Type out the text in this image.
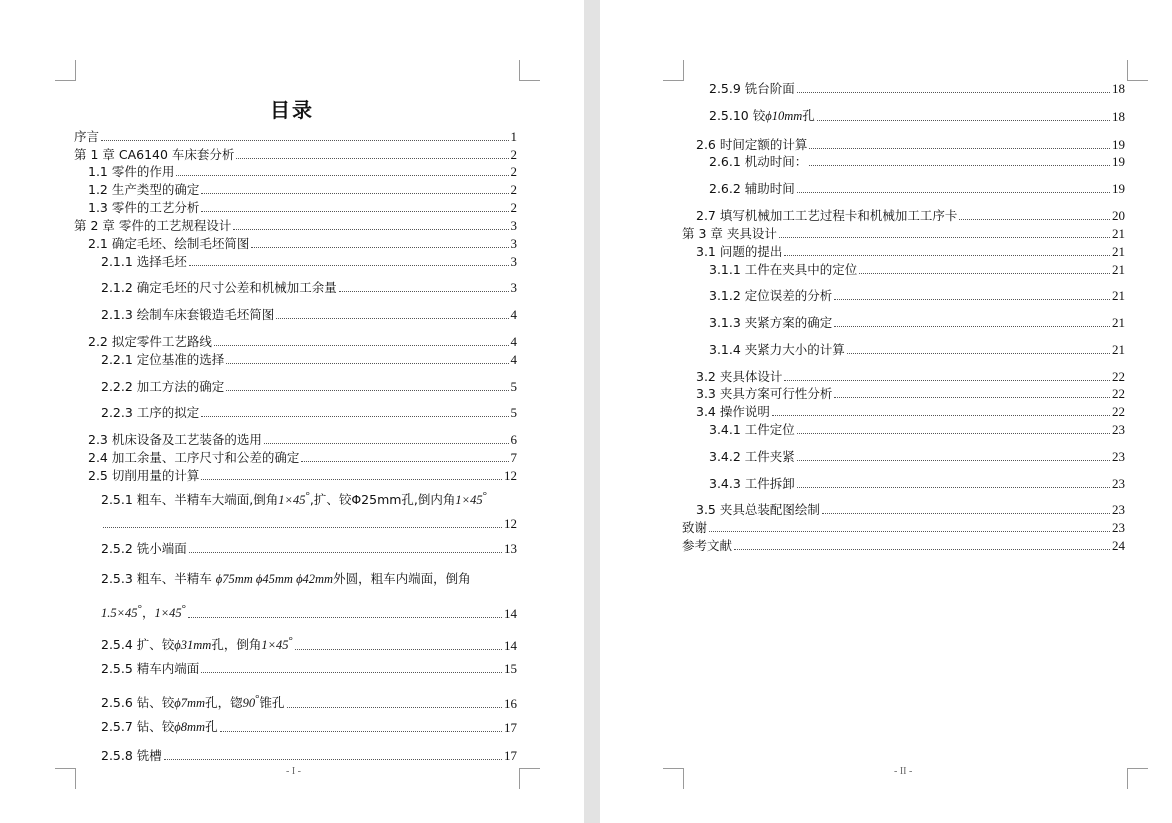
目录
序言	1
第 1 章 CA6140 车床套分析	2
1.1 零件的作用	2
1.2 生产类型的确定	2
1.3 零件的工艺分析	2
第 2 章 零件的工艺规程设计	3
2.1 确定毛坯、绘制毛坯简图	3
2.1.1 选择毛坯	3
2.1.2 确定毛坯的尺寸公差和机械加工余量	3
2.1.3 绘制车床套锻造毛坯简图	4
2.2 拟定零件工艺路线	4
2.2.1 定位基准的选择	4
2.2.2 加工方法的确定	5
2.2.3 工序的拟定	5
2.3 机床设备及工艺装备的选用	6
2.4 加工余量、工序尺寸和公差的确定	7
2.5 切削用量的计算	12
2.5.1 粗车、半精车大端面,倒角1×45°,扩、铰Φ25mm孔,倒内角1×45°
12
2.5.2 铣小端面	13
2.5.3 粗车、半精车 ϕ75mm ϕ45mm ϕ42mm外圆，粗车内端面，倒角
1.5×45°，1×45°	14
2.5.4 扩、铰ϕ31mm孔，倒角1×45°	14
2.5.5 精车内端面	15
2.5.6 钻、铰ϕ7mm孔，锪90°锥孔	16
2.5.7 钻、铰ϕ8mm孔	17
2.5.8 铣槽	17
- I -
2.5.9 铣台阶面	18
2.5.10 铰ϕ10mm孔	18
2.6 时间定额的计算	19
2.6.1 机动时间：	19
2.6.2 辅助时间	19
2.7 填写机械加工工艺过程卡和机械加工工序卡	20
第 3 章 夹具设计	21
3.1 问题的提出	21
3.1.1 工件在夹具中的定位	21
3.1.2 定位误差的分析	21
3.1.3 夹紧方案的确定	21
3.1.4 夹紧力大小的计算	21
3.2 夹具体设计	22
3.3 夹具方案可行性分析	22
3.4 操作说明	22
3.4.1 工件定位	23
3.4.2 工件夹紧	23
3.4.3 工件拆卸	23
3.5 夹具总装配图绘制	23
致谢	23
参考文献	24
- II -
